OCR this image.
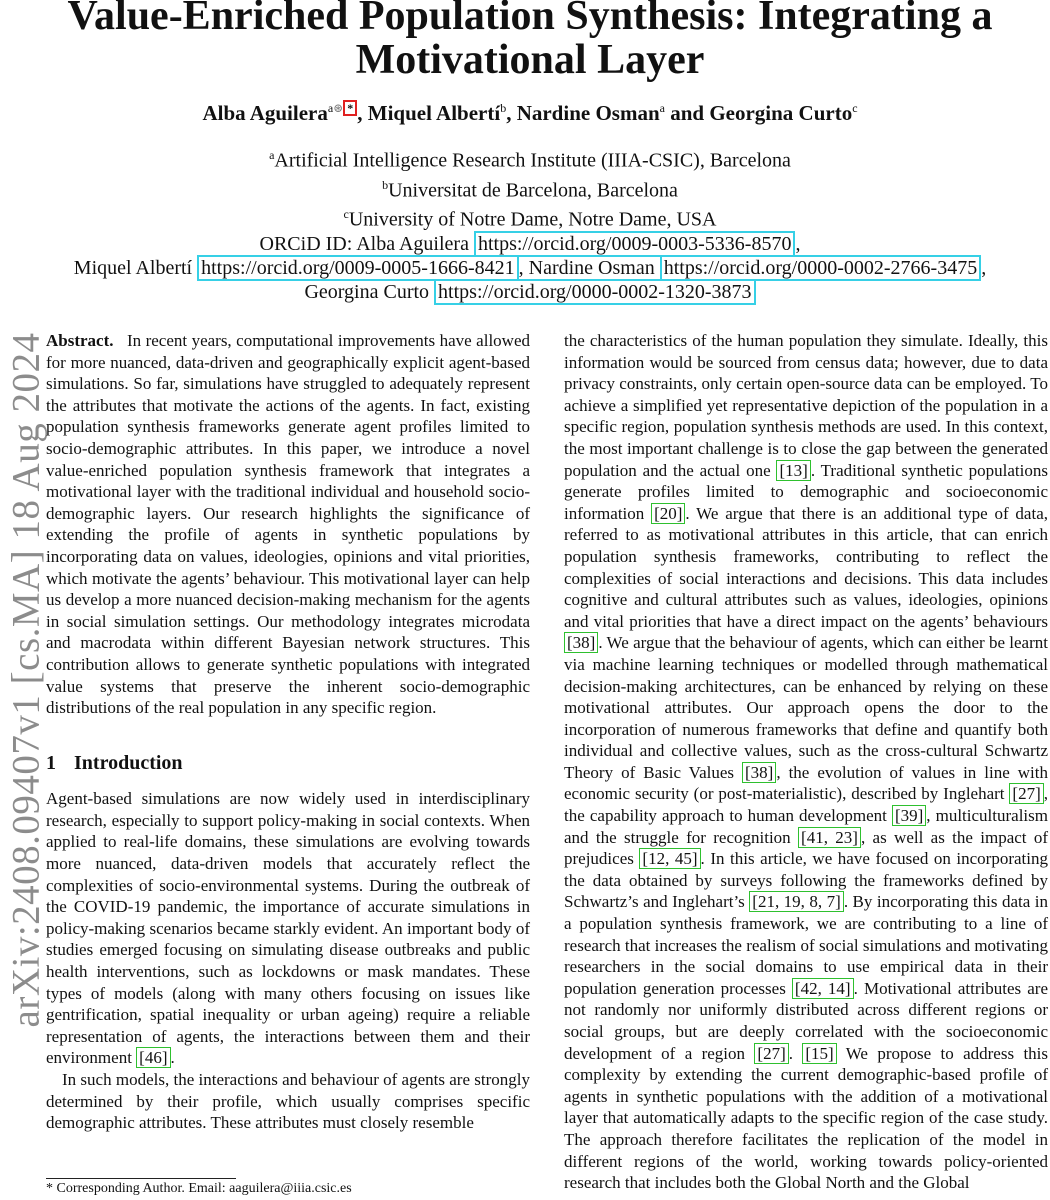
arXiv:2408.09407v1 [cs.MA] 18 Aug 2024
Value-Enriched Population Synthesis: Integrating a Motivational Layer
Alba Aguilera$^{a⊛}$ * , Miquel Albertí$^b$, Nardine Osman$^a$ and Georgina Curto$^c$
$^a$Artificial Intelligence Research Institute (IIIA-CSIC), Barcelona
$^b$Universitat de Barcelona, Barcelona
$^c$University of Notre Dame, Notre Dame, USA
ORCiD ID: Alba Aguilera https://orcid.org/0009-0003-5336-8570 ,
Miquel Albertí https://orcid.org/0009-0005-1666-8421 , Nardine Osman https://orcid.org/0000-0002-2766-3475 ,
Georgina Curto https://orcid.org/0000-0002-1320-3873

Abstract. In recent years, computational improvements have allowed for more nuanced, data-driven and geographically explicit agent-based simulations. So far, simulations have struggled to adequately represent the attributes that motivate the actions of the agents. In fact, existing population synthesis frameworks generate agent profiles limited to socio-demographic attributes. In this paper, we introduce a novel value-enriched population synthesis framework that integrates a motivational layer with the traditional individual and household socio-demographic layers. Our research highlights the significance of extending the profile of agents in synthetic populations by incorporating data on values, ideologies, opinions and vital priorities, which motivate the agents’ behaviour. This motivational layer can help us develop a more nuanced decision-making mechanism for the agents in social simulation settings. Our methodology integrates microdata and macrodata within different Bayesian network structures. This contribution allows to generate synthetic populations with integrated value systems that preserve the inherent socio-demographic distributions of the real population in any specific region.

1 Introduction

Agent-based simulations are now widely used in interdisciplinary research, especially to support policy-making in social contexts. When applied to real-life domains, these simulations are evolving towards more nuanced, data-driven models that accurately reflect the complexities of socio-environmental systems. During the outbreak of the COVID-19 pandemic, the importance of accurate simulations in policy-making scenarios became starkly evident. An important body of studies emerged focusing on simulating disease outbreaks and public health interventions, such as lockdowns or mask mandates. These types of models (along with many others focusing on issues like gentrification, spatial inequality or urban ageing) require a reliable representation of agents, the interactions between them and their environment [46] .

In such models, the interactions and behaviour of agents are strongly determined by their profile, which usually comprises specific demographic attributes. These attributes must closely resemble

the characteristics of the human population they simulate. Ideally, this information would be sourced from census data; however, due to data privacy constraints, only certain open-source data can be employed. To achieve a simplified yet representative depiction of the population in a specific region, population synthesis methods are used. In this context, the most important challenge is to close the gap between the generated population and the actual one [13] . Traditional synthetic populations generate profiles limited to demographic and socioeconomic information [20] . We argue that there is an additional type of data, referred to as motivational attributes in this article, that can enrich population synthesis frameworks, contributing to reflect the complexities of social interactions and decisions. This data includes cognitive and cultural attributes such as values, ideologies, opinions and vital priorities that have a direct impact on the agents’ behaviours [38] . We argue that the behaviour of agents, which can either be learnt via machine learning techniques or modelled through mathematical decision-making architectures, can be enhanced by relying on these motivational attributes. Our approach opens the door to the incorporation of numerous frameworks that define and quantify both individual and collective values, such as the cross-cultural Schwartz Theory of Basic Values [38] , the evolution of values in line with economic security (or post-materialistic), described by Inglehart [27] , the capability approach to human development [39] , multiculturalism and the struggle for recognition [41, 23] , as well as the impact of prejudices [12, 45] . In this article, we have focused on incorporating the data obtained by surveys following the frameworks defined by Schwartz’s and Inglehart’s [21, 19, 8, 7] . By incorporating this data in a population synthesis framework, we are contributing to a line of research that increases the realism of social simulations and motivating researchers in the social domains to use empirical data in their population generation processes [42, 14] . Motivational attributes are not randomly nor uniformly distributed across different regions or social groups, but are deeply correlated with the socioeconomic development of a region [27] . [15] We propose to address this complexity by extending the current demographic-based profile of agents in synthetic populations with the addition of a motivational layer that automatically adapts to the specific region of the case study. The approach therefore facilitates the replication of the model in different regions of the world, working towards policy-oriented research that includes both the Global North and the Global

* Corresponding Author. Email: aaguilera@iiia.csic.es
